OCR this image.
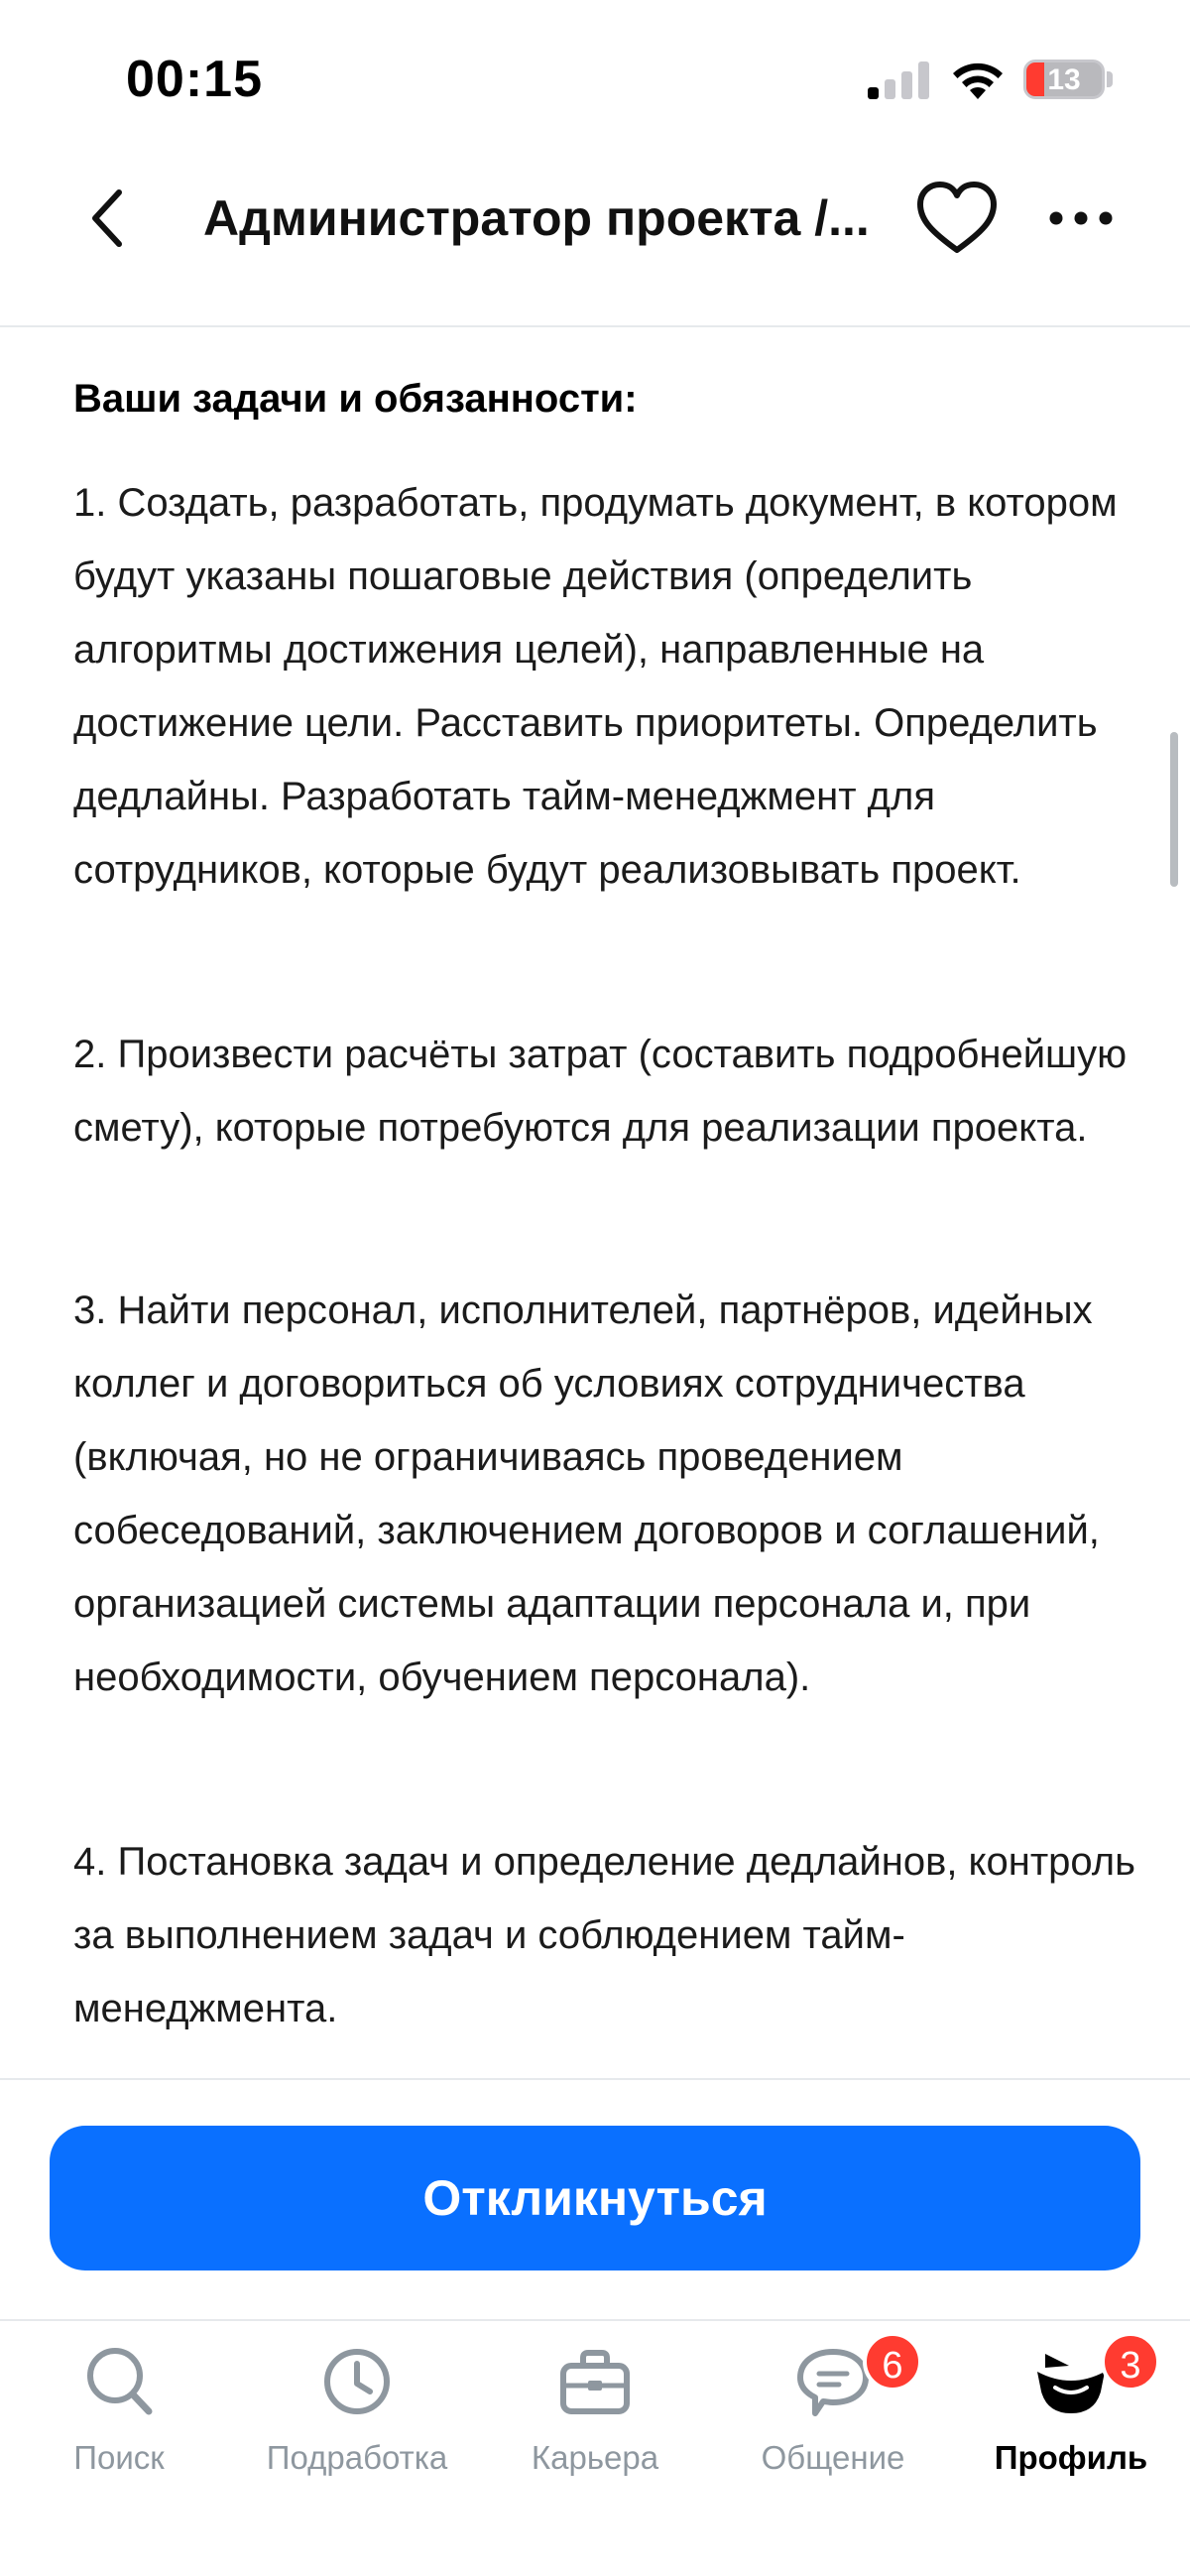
00:15	13
Администратор проекта /...
Ваши задачи и обязанности:

1. Создать, разработать, продумать документ, в котором будут указаны пошаговые действия (определить алгоритмы достижения целей), направленные на достижение цели. Расставить приоритеты. Определить дедлайны. Разработать тайм-менеджмент для сотрудников, которые будут реализовывать проект.

2. Произвести расчёты затрат (составить подробнейшую смету), которые потребуются для реализации проекта.

3. Найти персонал, исполнителей, партнёров, идейных коллег и договориться об условиях сотрудничества (включая, но не ограничиваясь проведением собеседований, заключением договоров и соглашений, организацией системы адаптации персонала и, при необходимости, обучением персонала).

4. Постановка задач и определение дедлайнов, контроль за выполнением задач и соблюдением тайм-менеджмента.

Откликнуться
Поиск	Подработка	Карьера	Общение
6
Профиль
3
